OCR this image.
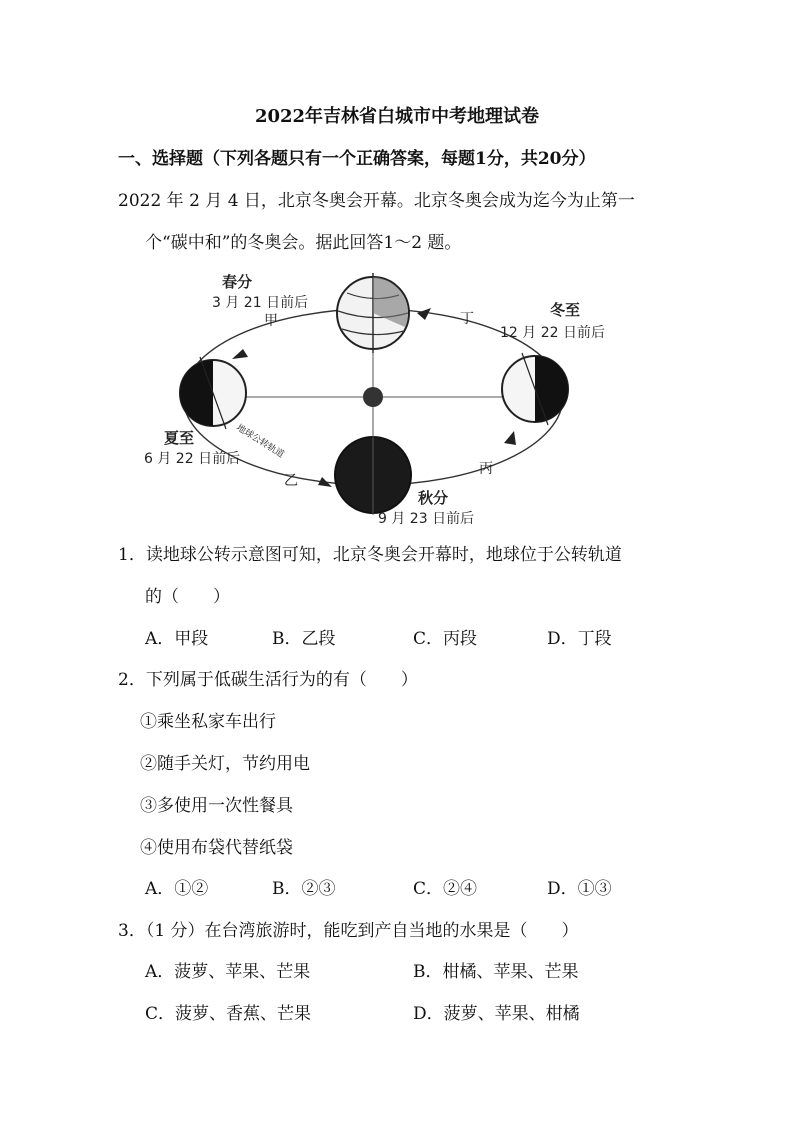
2022年吉林省白城市中考地理试卷
一、选择题（下列各题只有一个正确答案，每题1分，共20分）
2022 年 2 月 4 日，北京冬奥会开幕。北京冬奥会成为迄今为止第一
个“碳中和”的冬奥会。据此回答1～2 题。
春分
3 月 21 日前后
甲
冬至
12 月 22 日前后
丁
夏至
6 月 22 日前后
地球公转轨道
乙
秋分
9 月 23 日前后
丙
1．读地球公转示意图可知，北京冬奥会开幕时，地球位于公转轨道
的（　　）
A．甲段	B．乙段	C．丙段	D．丁段
2．下列属于低碳生活行为的有（　　）
①乘坐私家车出行
②随手关灯，节约用电
③多使用一次性餐具
④使用布袋代替纸袋
A．①②	B．②③	C．②④	D．①③
3．（1 分）在台湾旅游时，能吃到产自当地的水果是（　　）
A．菠萝、苹果、芒果	B．柑橘、苹果、芒果
C．菠萝、香蕉、芒果	D．菠萝、苹果、柑橘
